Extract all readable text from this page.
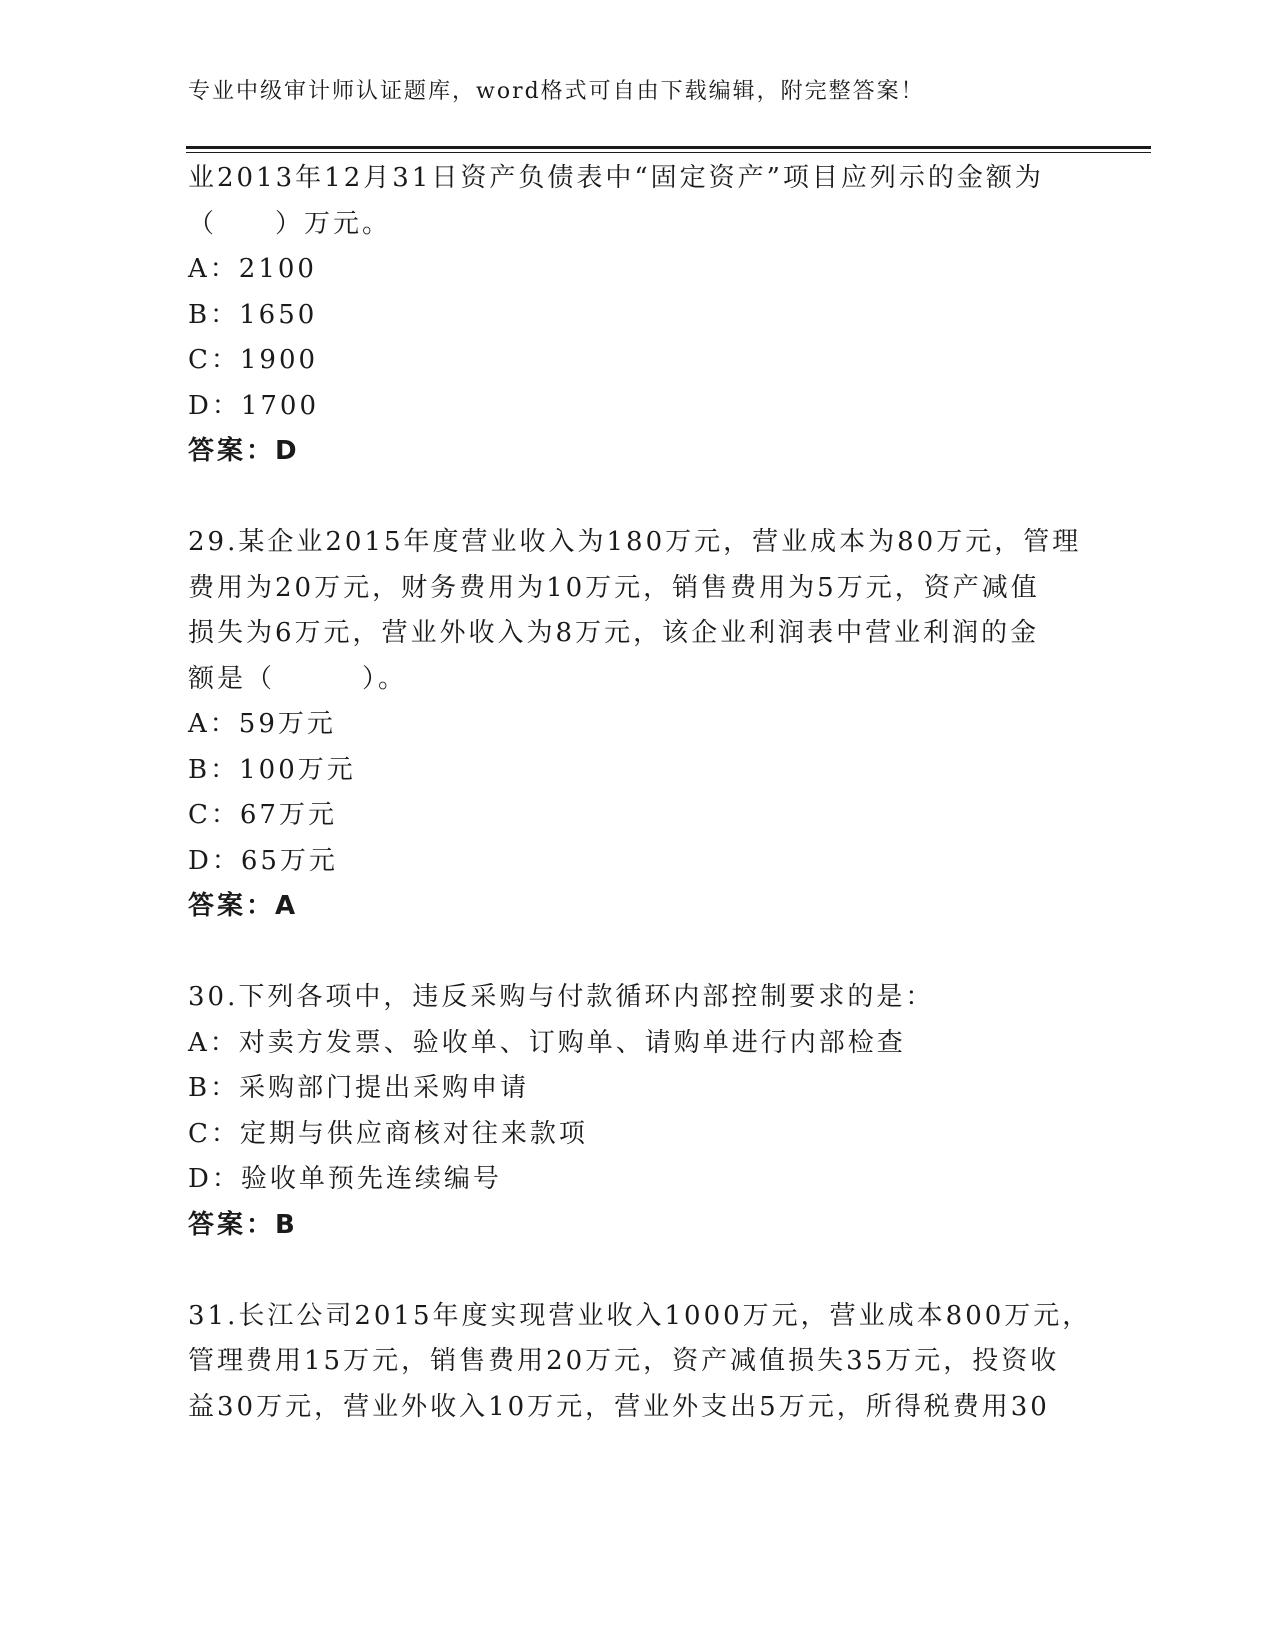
专业中级审计师认证题库，word格式可自由下载编辑，附完整答案！
业2013年12月31日资产负债表中“固定资产”项目应列示的金额为
（　　）万元。
A：2100
B：1650
C：1900
D：1700
答案：D
29.某企业2015年度营业收入为180万元，营业成本为80万元，管理
费用为20万元，财务费用为10万元，销售费用为5万元，资产减值
损失为6万元，营业外收入为8万元，该企业利润表中营业利润的金
额是（　　　）。
A：59万元
B：100万元
C：67万元
D：65万元
答案：A
30.下列各项中，违反采购与付款循环内部控制要求的是：
A：对卖方发票、验收单、订购单、请购单进行内部检查
B：采购部门提出采购申请
C：定期与供应商核对往来款项
D：验收单预先连续编号
答案：B
31.长江公司2015年度实现营业收入1000万元，营业成本800万元，
管理费用15万元，销售费用20万元，资产减值损失35万元，投资收
益30万元，营业外收入10万元，营业外支出5万元，所得税费用30
